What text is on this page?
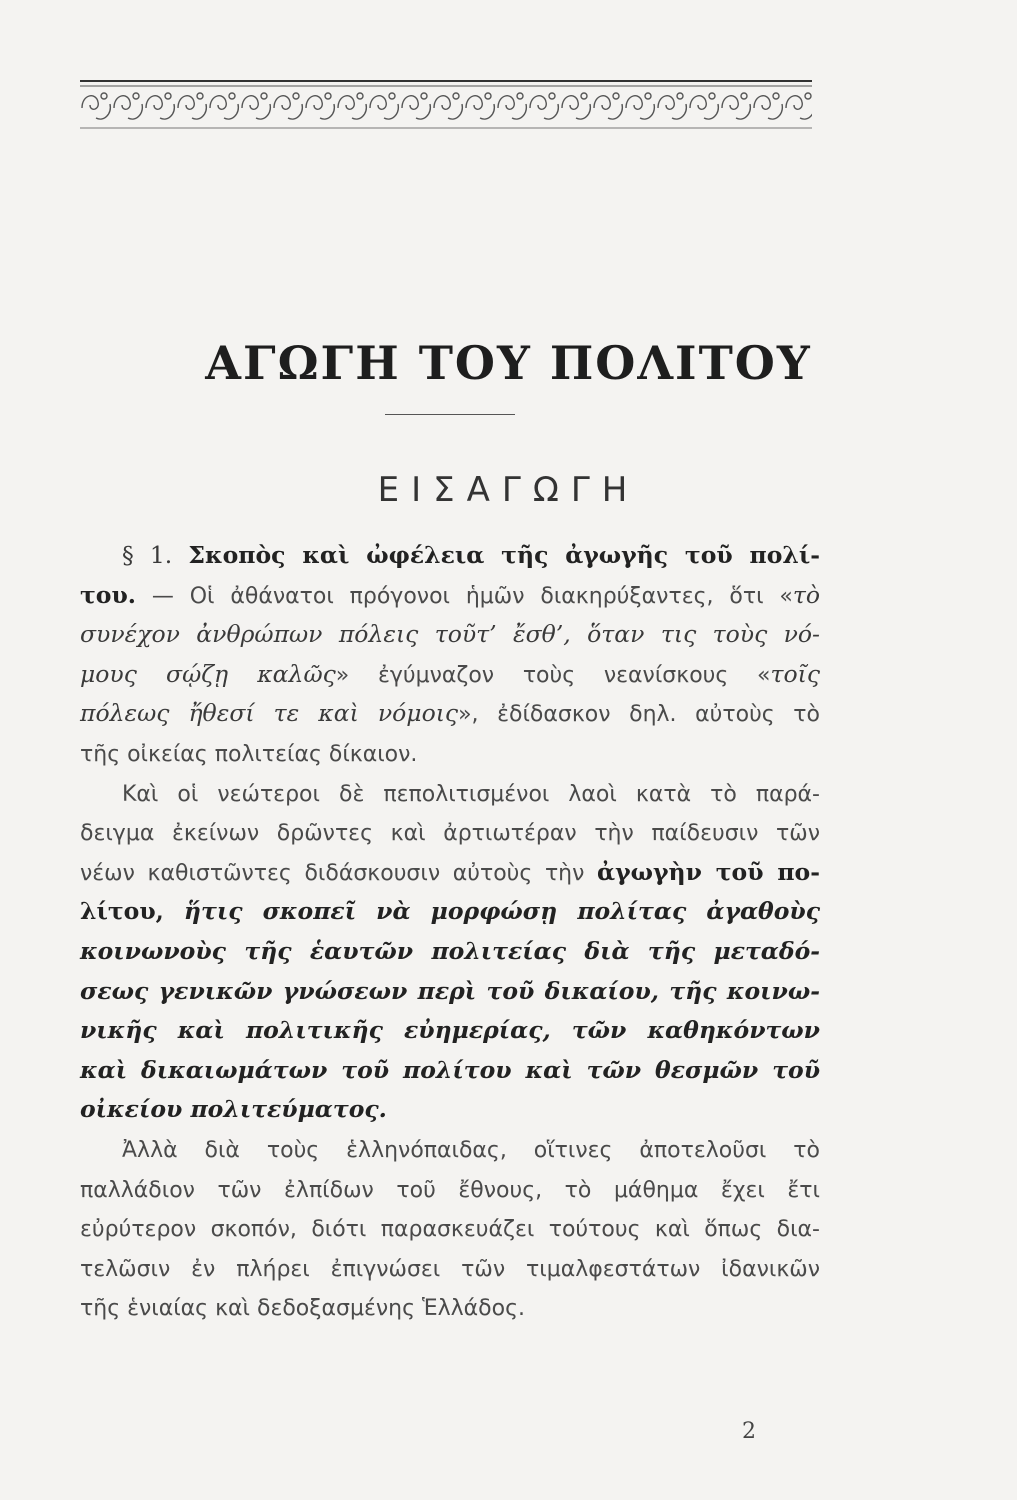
ΑΓΩΓΗ ΤΟΥ ΠΟΛΙΤΟΥ
ΕΙΣΑΓΩΓΗ
§ 1. Σκοπὸς καὶ ὠφέλεια τῆς ἀγωγῆς τοῦ πολί-
του. — Οἱ ἀθάνατοι πρόγονοι ἡμῶν διακηρύξαντες, ὅτι «τὸ
συνέχον ἀνθρώπων πόλεις τοῦτ’ ἔσθ’, ὅταν τις τοὺς νό-
μους σῴζῃ καλῶς» ἐγύμναζον τοὺς νεανίσκους «τοῖς
πόλεως ἤθεσί τε καὶ νόμοις», ἐδίδασκον δηλ. αὐτοὺς τὸ
τῆς οἰκείας πολιτείας δίκαιον.
Καὶ οἱ νεώτεροι δὲ πεπολιτισμένοι λαοὶ κατὰ τὸ παρά-
δειγμα ἐκείνων δρῶντες καὶ ἀρτιωτέραν τὴν παίδευσιν τῶν
νέων καθιστῶντες διδάσκουσιν αὐτοὺς τὴν ἀγωγὴν τοῦ πο-
λίτου, ἥτις σκοπεῖ νὰ μορφώσῃ πολίτας ἀγαθοὺς
κοινωνοὺς τῆς ἑαυτῶν πολιτείας διὰ τῆς μεταδό-
σεως γενικῶν γνώσεων περὶ τοῦ δικαίου, τῆς κοινω-
νικῆς καὶ πολιτικῆς εὐημερίας, τῶν καθηκόντων
καὶ δικαιωμάτων τοῦ πολίτου καὶ τῶν θεσμῶν τοῦ
οἰκείου πολιτεύματος.
Ἀλλὰ διὰ τοὺς ἑλληνόπαιδας, οἵτινες ἀποτελοῦσι τὸ
παλλάδιον τῶν ἐλπίδων τοῦ ἔθνους, τὸ μάθημα ἔχει ἔτι
εὐρύτερον σκοπόν, διότι παρασκευάζει τούτους καὶ ὅπως δια-
τελῶσιν ἐν πλήρει ἐπιγνώσει τῶν τιμαλφεστάτων ἰδανικῶν
τῆς ἑνιαίας καὶ δεδοξασμένης Ἑλλάδος.
2
